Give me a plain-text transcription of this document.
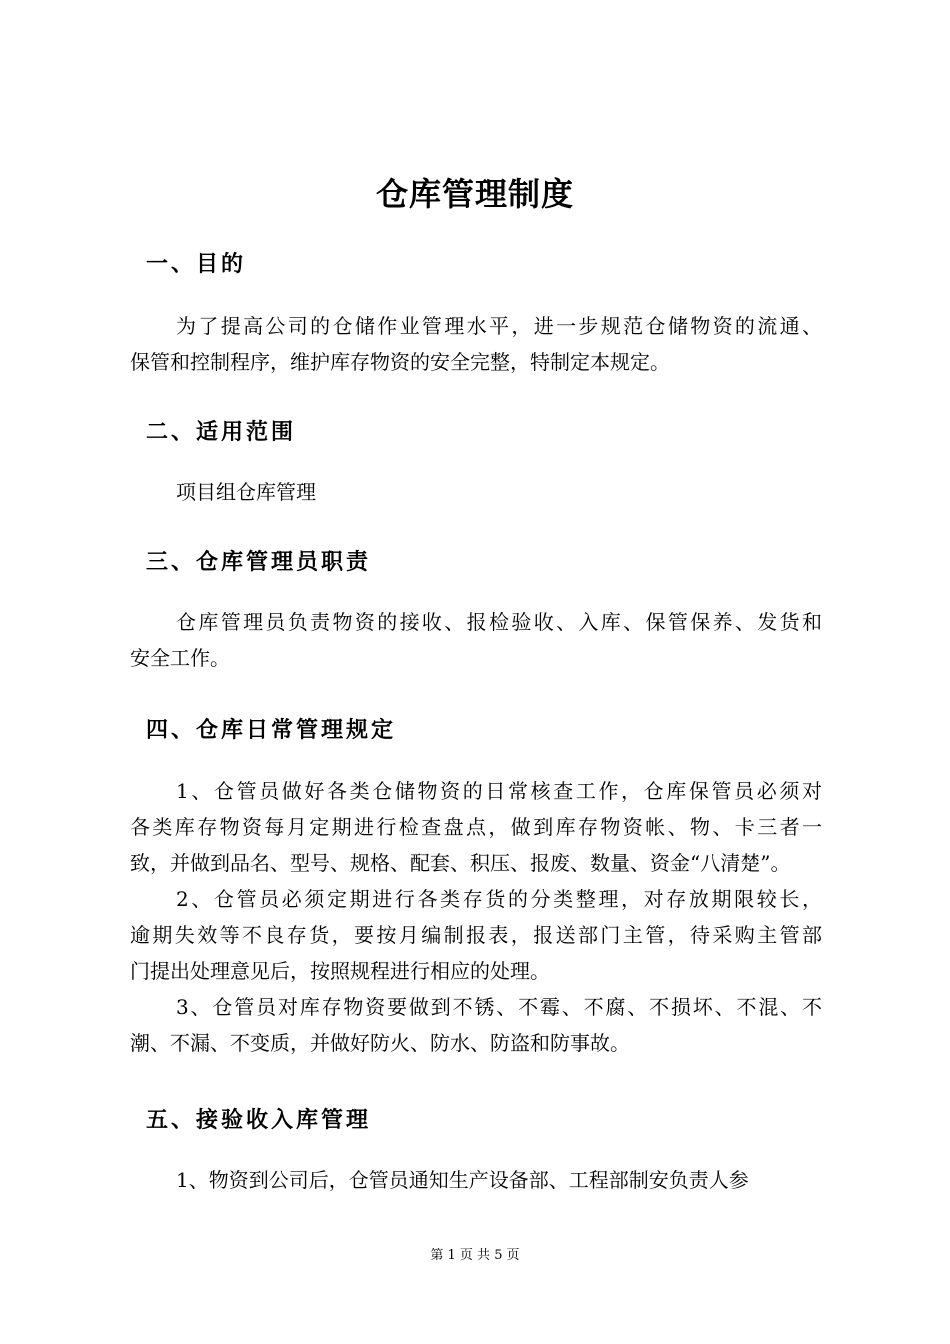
仓库管理制度
一、目的
为了提高公司的仓储作业管理水平，进一步规范仓储物资的流通、
保管和控制程序，维护库存物资的安全完整，特制定本规定。
二、适用范围
项目组仓库管理
三、仓库管理员职责
仓库管理员负责物资的接收、报检验收、入库、保管保养、发货和
安全工作。
四、仓库日常管理规定
1、仓管员做好各类仓储物资的日常核查工作，仓库保管员必须对
各类库存物资每月定期进行检查盘点，做到库存物资帐、物、卡三者一
致，并做到品名、型号、规格、配套、积压、报废、数量、资金“八清楚”。
2、仓管员必须定期进行各类存货的分类整理，对存放期限较长，
逾期失效等不良存货，要按月编制报表，报送部门主管，待采购主管部
门提出处理意见后，按照规程进行相应的处理。
3、仓管员对库存物资要做到不锈、不霉、不腐、不损坏、不混、不
潮、不漏、不变质，并做好防火、防水、防盗和防事故。
五、接验收入库管理
1、物资到公司后，仓管员通知生产设备部、工程部制安负责人参
第 1 页 共 5 页
